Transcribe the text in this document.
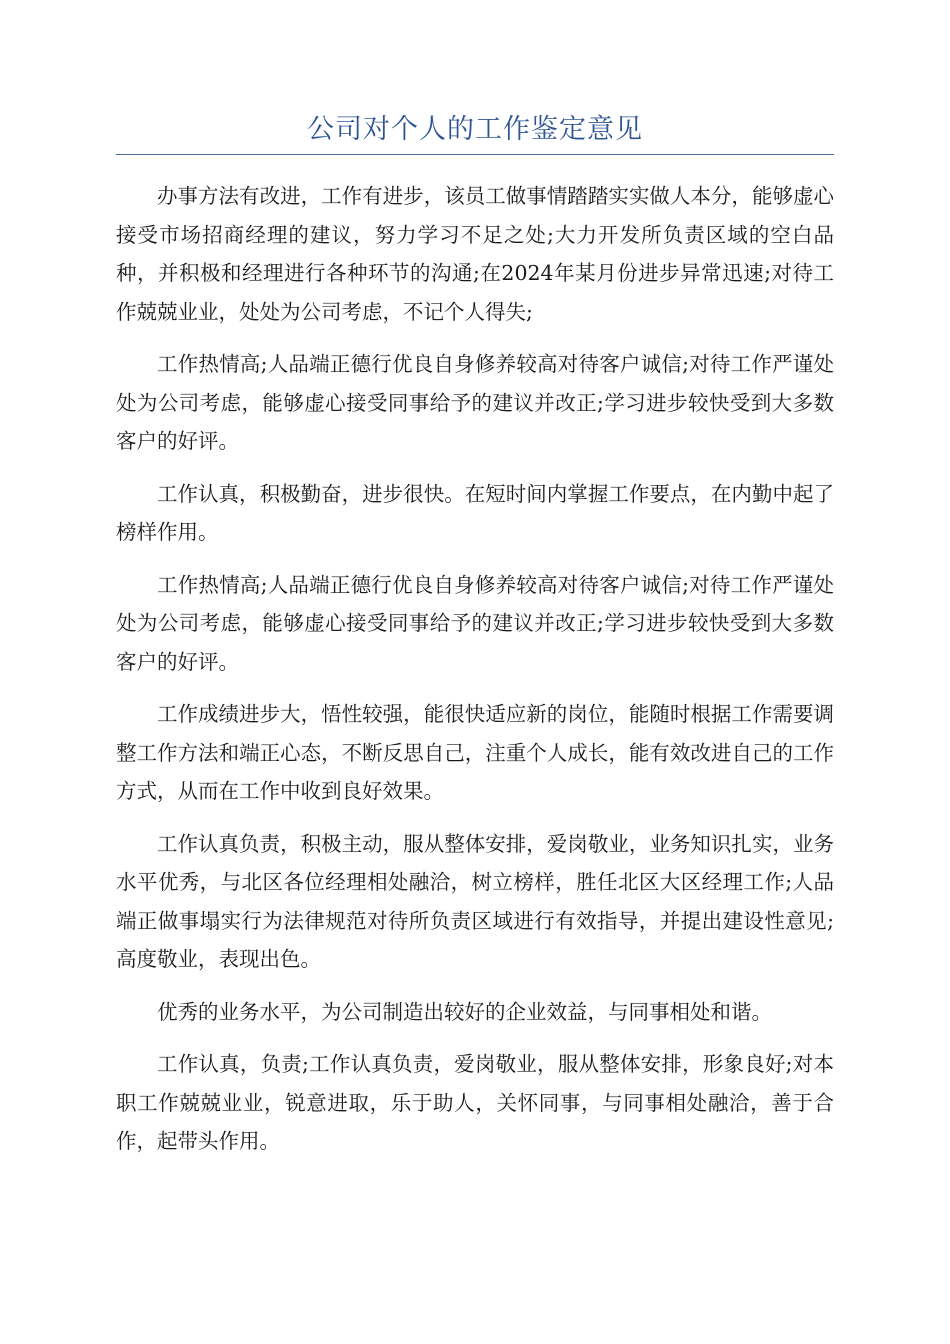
公司对个人的工作鉴定意见

办事方法有改进，工作有进步，该员工做事情踏踏实实做人本分，能够虚心接受市场招商经理的建议，努力学习不足之处;大力开发所负责区域的空白品种，并积极和经理进行各种环节的沟通;在2024年某月份进步异常迅速;对待工作兢兢业业，处处为公司考虑，不记个人得失;

工作热情高;人品端正德行优良自身修养较高对待客户诚信;对待工作严谨处处为公司考虑，能够虚心接受同事给予的建议并改正;学习进步较快受到大多数客户的好评。

工作认真，积极勤奋，进步很快。在短时间内掌握工作要点，在内勤中起了榜样作用。

工作热情高;人品端正德行优良自身修养较高对待客户诚信;对待工作严谨处处为公司考虑，能够虚心接受同事给予的建议并改正;学习进步较快受到大多数客户的好评。

工作成绩进步大，悟性较强，能很快适应新的岗位，能随时根据工作需要调整工作方法和端正心态，不断反思自己，注重个人成长，能有效改进自己的工作方式，从而在工作中收到良好效果。

工作认真负责，积极主动，服从整体安排，爱岗敬业，业务知识扎实，业务水平优秀，与北区各位经理相处融洽，树立榜样，胜任北区大区经理工作;人品端正做事塌实行为法律规范对待所负责区域进行有效指导，并提出建设性意见;高度敬业，表现出色。

优秀的业务水平，为公司制造出较好的企业效益，与同事相处和谐。

工作认真，负责;工作认真负责，爱岗敬业，服从整体安排，形象良好;对本职工作兢兢业业，锐意进取，乐于助人，关怀同事，与同事相处融洽，善于合作，起带头作用。
